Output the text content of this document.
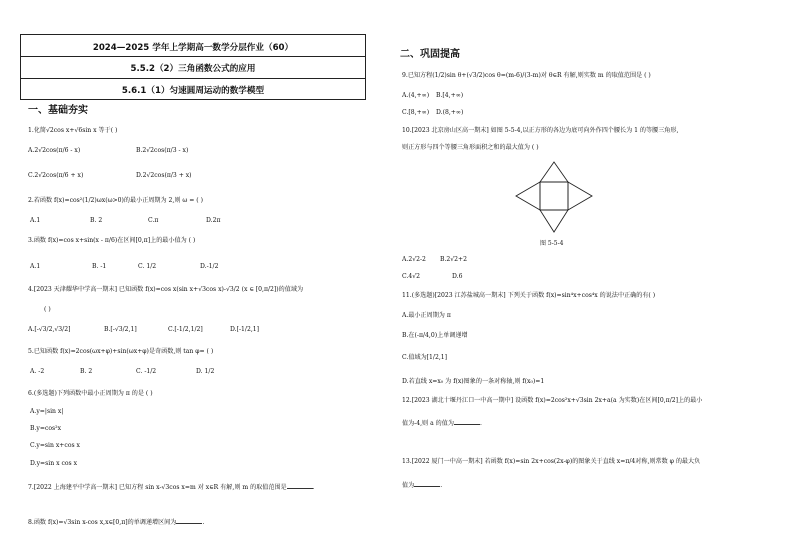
2024—2025 学年上学期高一数学分层作业（60）
5.5.2（2）三角函数公式的应用
5.6.1（1）匀速圆周运动的数学模型
一、基础夯实
1.化简√2cos x+√6sin x 等于( )
A.2√2cos(π/6 - x)	B.2√2cos(π/3 - x)
C.2√2cos(π/6 + x)	D.2√2cos(π/3 + x)
2.若函数 f(x)=cos²(1/2)ωx(ω>0)的最小正周期为 2,则 ω = ( )
A.1	B. 2	C.π	D.2π
3.函数 f(x)=cos x+sin(x - π/6)在区间[0,π]上的最小值为 ( )
A.1	B. -1	C. 1/2	D.-1/2
4.[2023 天津耀华中学高一期末] 已知函数 f(x)=cos x(sin x+√3cos x)-√3/2 (x ∈ [0,π/2])的值域为
( )
A.[-√3/2,√3/2]	B.[-√3/2,1]	C.[-1/2,1/2]	D.[-1/2,1]
5.已知函数 f(x)=2cos(ωx+φ)+sin(ωx+φ)是奇函数,则 tan φ= ( )
A. -2	B. 2	C. -1/2	D. 1/2
6.(多选题)下列函数中最小正周期为 π 的是 ( )
A.y=|sin x|
B.y=cos²x
C.y=sin x+cos x
D.y=sin x cos x
7.[2022 上海建平中学高一期末] 已知方程 sin x-√3cos x=m 对 x∈R 有解,则 m 的取值范围是	.
8.函数 f(x)=√3sin x-cos x,x∈[0,π]的单调递增区间为	.
二、巩固提高
9.已知方程(1/2)sin θ+(√3/2)cos θ=(m-6)/(3-m)对 θ∈R 有解,则实数 m 的取值范围是 ( )
A.(4,+∞) B.[4,+∞)
C.[8,+∞) D.(8,+∞)
10.[2023 北京房山区高一期末] 如图 5-5-4,以正方形的各边为底可向外作四个腰长为 1 的等腰三角形,
则正方形与四个等腰三角形面积之和的最大值为 ( )
图 5-5-4
A.2√2-2 B.2√2+2
C.4√2	D.6
11.(多选题)[2023 江苏盐城高一期末] 下列关于函数 f(x)=sin⁴x+cos⁴x 的说法中正确的有( )
A.最小正周期为 π
B.在(-π/4,0)上单调递增
C.值域为[1/2,1]
D.若直线 x=x₀ 为 f(x)图象的一条对称轴,则 f(x₀)=1
12.[2023 湖北十堰丹江口一中高一期中] 设函数 f(x)=2cos²x+√3sin 2x+a(a 为实数)在区间[0,π/2]上的最小
值为-4,则 a 的值为	.
13.[2022 厦门一中高一期末] 若函数 f(x)=sin 2x+cos(2x-φ)的图象关于直线 x=π/4对称,则常数 φ 的最大负
值为	.
